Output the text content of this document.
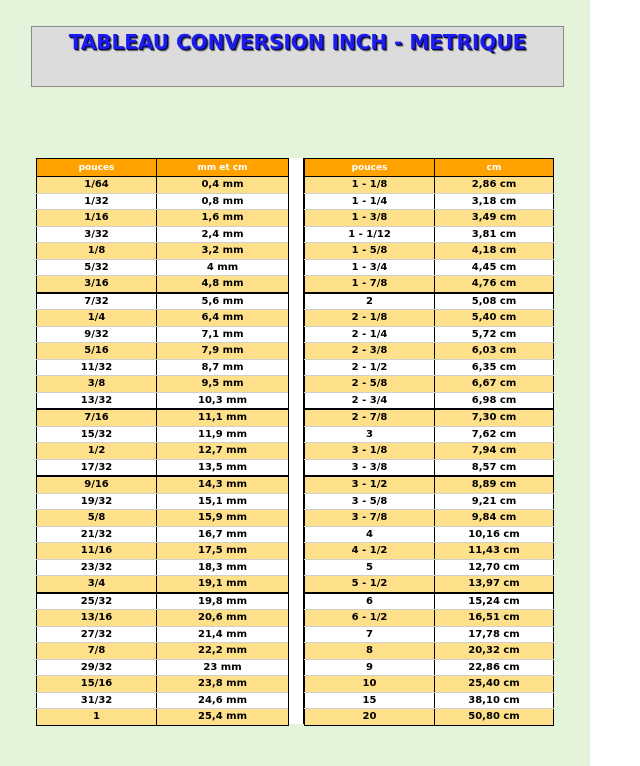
TABLEAU CONVERSION INCH - METRIQUE
pouces	mm et cm
1/64	0,4 mm
1/32	0,8 mm
1/16	1,6 mm
3/32	2,4 mm
1/8	3,2 mm
5/32	4 mm
3/16	4,8 mm
7/32	5,6 mm
1/4	6,4 mm
9/32	7,1 mm
5/16	7,9 mm
11/32	8,7 mm
3/8	9,5 mm
13/32	10,3 mm
7/16	11,1 mm
15/32	11,9 mm
1/2	12,7 mm
17/32	13,5 mm
9/16	14,3 mm
19/32	15,1 mm
5/8	15,9 mm
21/32	16,7 mm
11/16	17,5 mm
23/32	18,3 mm
3/4	19,1 mm
25/32	19,8 mm
13/16	20,6 mm
27/32	21,4 mm
7/8	22,2 mm
29/32	23 mm
15/16	23,8 mm
31/32	24,6 mm
1	25,4 mm
pouces	cm
1 - 1/8	2,86 cm
1 - 1/4	3,18 cm
1 - 3/8	3,49 cm
1 - 1/12	3,81 cm
1 - 5/8	4,18 cm
1 - 3/4	4,45 cm
1 - 7/8	4,76 cm
2	5,08 cm
2 - 1/8	5,40 cm
2 - 1/4	5,72 cm
2 - 3/8	6,03 cm
2 - 1/2	6,35 cm
2 - 5/8	6,67 cm
2 - 3/4	6,98 cm
2 - 7/8	7,30 cm
3	7,62 cm
3 - 1/8	7,94 cm
3 - 3/8	8,57 cm
3 - 1/2	8,89 cm
3 - 5/8	9,21 cm
3 - 7/8	9,84 cm
4	10,16 cm
4 - 1/2	11,43 cm
5	12,70 cm
5 - 1/2	13,97 cm
6	15,24 cm
6 - 1/2	16,51 cm
7	17,78 cm
8	20,32 cm
9	22,86 cm
10	25,40 cm
15	38,10 cm
20	50,80 cm
